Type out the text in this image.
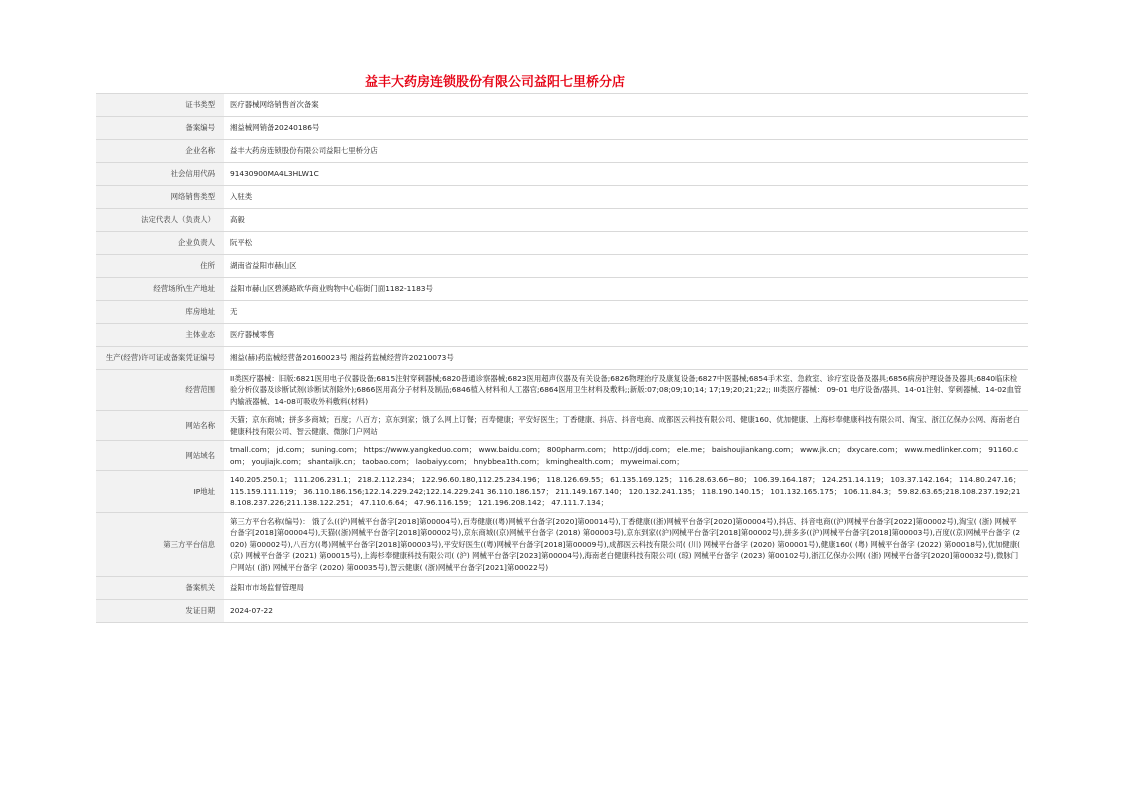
益丰大药房连锁股份有限公司益阳七里桥分店
证书类型	医疗器械网络销售首次备案
备案编号	湘益械网销备20240186号
企业名称	益丰大药房连锁股份有限公司益阳七里桥分店
社会信用代码	91430900MA4L3HLW1C
网络销售类型	入驻类
法定代表人（负责人）	高毅
企业负责人	阮平松
住所	湖南省益阳市赫山区
经营场所\生产地址	益阳市赫山区碧溪路欧华商业购物中心临街门面1182-1183号
库房地址	无
主体业态	医疗器械零售
生产(经营)许可证或备案凭证编号	湘益(赫)药监械经营备20160023号 湘益药监械经营许20210073号
经营范围	II类医疗器械：旧版:6821医用电子仪器设备;6815注射穿刺器械;6820普通诊察器械;6823医用超声仪器及有关设备;6826物理治疗及康复设备;6827中医器械;6854手术室、急救室、诊疗室设备及器具;6856病房护理设备及器具;6840临床检验分析仪器及诊断试剂(诊断试剂除外);6866医用高分子材料及制品;6846植入材料和人工器官;6864医用卫生材料及敷料;;新版:07;08;09;10;14; 17;19;20;21;22;; III类医疗器械： 09-01 电疗设备/器具、14-01注射、穿刺器械、14-02血管内输液器械、14-08可吸收外科敷料(材料)
网站名称	天猫；京东商城；拼多多商城；百度；八百方；京东到家；饿了么网上订餐；百寿健康；平安好医生；丁香健康、抖店、抖音电商、成都医云科技有限公司、健康160、优加健康、上海杉奉健康科技有限公司、淘宝、浙江亿保办公网、海南老白健康科技有限公司、智云健康、微脉门户网站
网站域名	tmall.com； jd.com； suning.com； https://www.yangkeduo.com； www.baidu.com； 800pharm.com； http://jddj.com； ele.me； baishoujiankang.com； www.jk.cn； dxycare.com； www.medlinker.com； 91160.com； youjiajk.com； shantaijk.cn； taobao.com； laobaiyy.com； hnybbea1th.com； kminghealth.com； myweimai.com；
IP地址	140.205.250.1； 111.206.231.1； 218.2.112.234； 122.96.60.180,112.25.234.196； 118.126.69.55； 61.135.169.125； 116.28.63.66~80； 106.39.164.187； 124.251.14.119； 103.37.142.164； 114.80.247.16； 115.159.111.119； 36.110.186.156;122.14.229.242;122.14.229.241 36.110.186.157； 211.149.167.140； 120.132.241.135； 118.190.140.15； 101.132.165.175； 106.11.84.3； 59.82.63.65;218.108.237.192;218.108.237.226;211.138.122.251； 47.110.6.64； 47.96.116.159； 121.196.208.142； 47.111.7.134；
第三方平台信息	第三方平台名称(编号)： 饿了么((沪)网械平台备字[2018]第00004号),百寿健康((粤)网械平台备字[2020]第00014号),丁香健康((浙)网械平台备字[2020]第00004号),抖店、抖音电商((沪)网械平台备字[2022]第00002号),淘宝( (浙) 网械平台备字[2018]第00004号),天猫((浙)网械平台备字[2018]第00002号),京东商城((京)网械平台备字 (2018) 第00003号),京东到家((沪)网械平台备字[2018]第00002号),拼多多((沪)网械平台备字[2018]第00003号),百度((京)网械平台备字 (2020) 第00002号),八百方((粤)网械平台备字[2018]第00003号),平安好医生((粤)网械平台备字[2018]第00009号),成都医云科技有限公司( (川) 网械平台备字 (2020) 第00001号),健康160( (粤) 网械平台备字 (2022) 第00018号),优加健康( (京) 网械平台备字 (2021) 第00015号),上海杉奉健康科技有限公司( (沪) 网械平台备字[2023]第00004号),海南老白健康科技有限公司( (琼) 网械平台备字 (2023) 第00102号),浙江亿保办公网( (浙) 网械平台备字[2020]第00032号),微脉门户网站( (浙) 网械平台备字 (2020) 第00035号),智云健康( (浙)网械平台备字[2021]第00022号)
备案机关	益阳市市场监督管理局
发证日期	2024-07-22
